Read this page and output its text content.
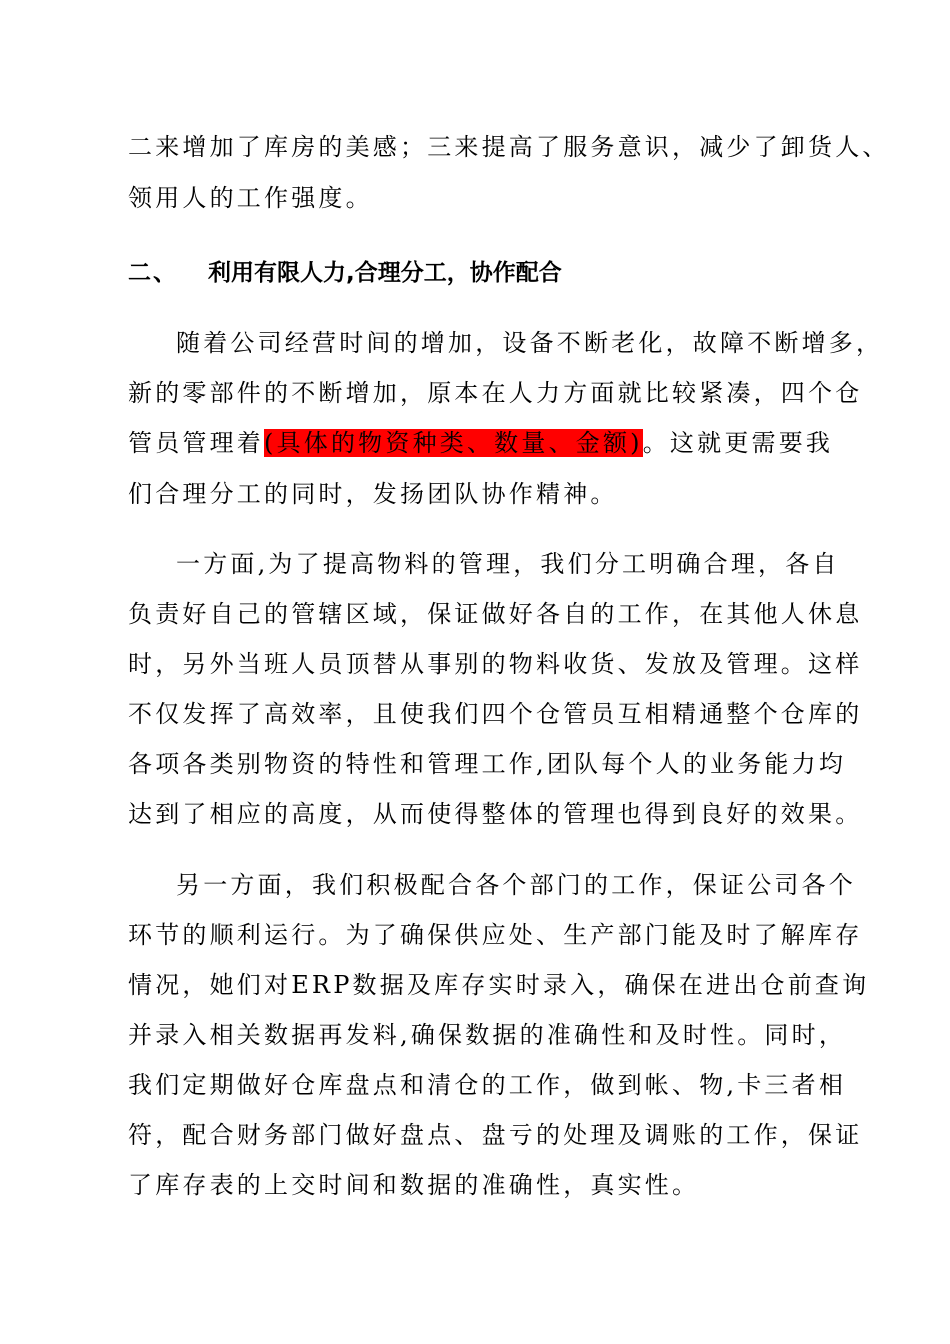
二来增加了库房的美感；三来提高了服务意识，减少了卸货人、

领用人的工作强度。

二、 利用有限人力,合理分工，协作配合

随着公司经营时间的增加，设备不断老化，故障不断增多，

新的零部件的不断增加，原本在人力方面就比较紧凑，四个仓

管员管理着(具体的物资种类、数量、金额)。这就更需要我

们合理分工的同时，发扬团队协作精神。

一方面,为了提高物料的管理，我们分工明确合理，各自

负责好自己的管辖区域，保证做好各自的工作，在其他人休息

时，另外当班人员顶替从事别的物料收货、发放及管理。这样

不仅发挥了高效率，且使我们四个仓管员互相精通整个仓库的

各项各类别物资的特性和管理工作,团队每个人的业务能力均

达到了相应的高度，从而使得整体的管理也得到良好的效果。

另一方面，我们积极配合各个部门的工作，保证公司各个

环节的顺利运行。为了确保供应处、生产部门能及时了解库存

情况，她们对ERP数据及库存实时录入，确保在进出仓前查询

并录入相关数据再发料,确保数据的准确性和及时性。同时，

我们定期做好仓库盘点和清仓的工作，做到帐、物,卡三者相

符，配合财务部门做好盘点、盘亏的处理及调账的工作，保证

了库存表的上交时间和数据的准确性，真实性。
